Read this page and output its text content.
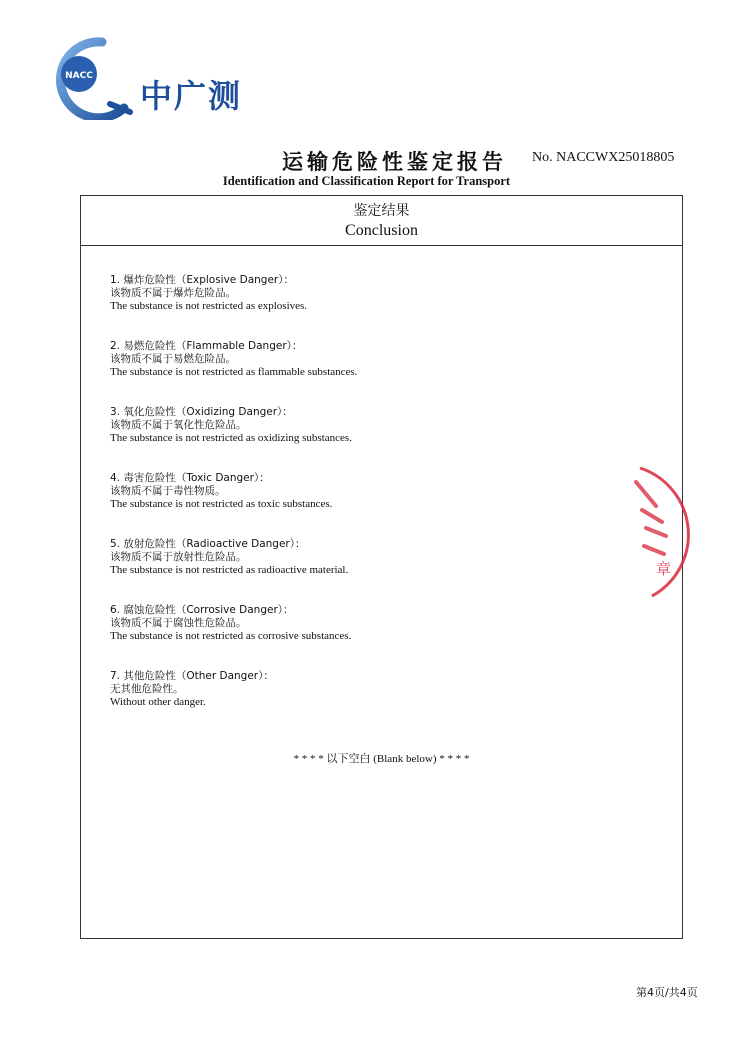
NACC
中广测
运输危险性鉴定报告 No. NACCWX25018805
Identification and Classification Report for Transport
鉴定结果
Conclusion
1. 爆炸危险性（Explosive Danger）：
该物质不属于爆炸危险品。
The substance is not restricted as explosives.
2. 易燃危险性（Flammable Danger）：
该物质不属于易燃危险品。
The substance is not restricted as flammable substances.
3. 氧化危险性（Oxidizing Danger）：
该物质不属于氧化性危险品。
The substance is not restricted as oxidizing substances.
4. 毒害危险性（Toxic Danger）：
该物质不属于毒性物质。
The substance is not restricted as toxic substances.
5. 放射危险性（Radioactive Danger）：
该物质不属于放射性危险品。
The substance is not restricted as radioactive material.
6. 腐蚀危险性（Corrosive Danger）：
该物质不属于腐蚀性危险品。
The substance is not restricted as corrosive substances.
7. 其他危险性（Other Danger）：
无其他危险性。
Without other danger.
* * * * 以下空白 (Blank below) * * * *
章
第4页/共4页
